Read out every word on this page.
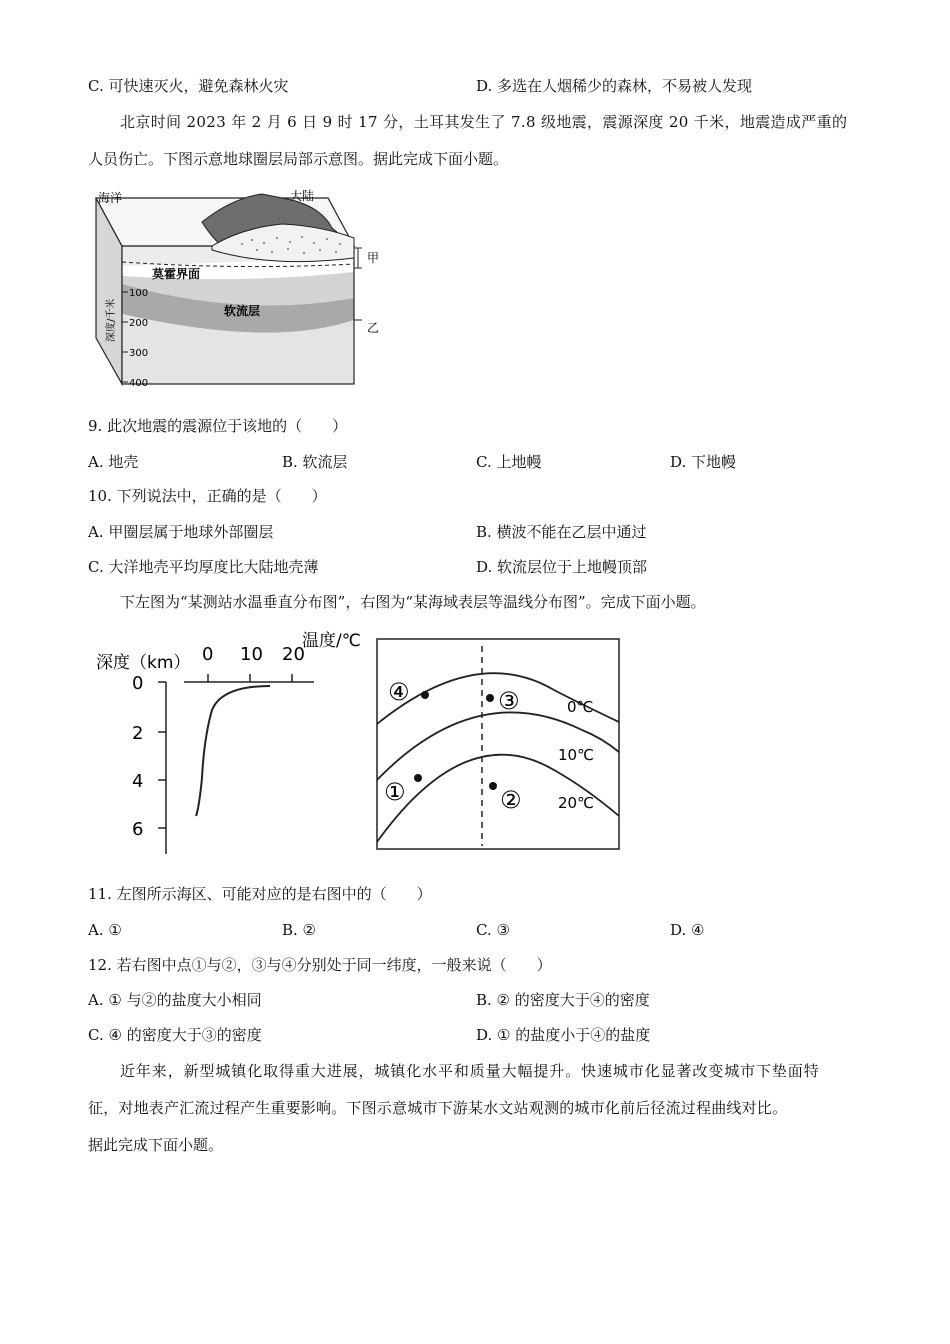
C. 可快速灭火，避免森林火灾	D. 多选在人烟稀少的森林，不易被人发现
北京时间 2023 年 2 月 6 日 9 时 17 分，土耳其发生了 7.8 级地震，震源深度 20 千米，地震造成严重的
人员伤亡。下图示意地球圈层局部示意图。据此完成下面小题。
海洋	大陆
莫霍界面
软流层
甲
乙
100
200
300
400
深度/千米
9. 此次地震的震源位于该地的（　　）
A. 地壳	B. 软流层	C. 上地幔	D. 下地幔
10. 下列说法中，正确的是（　　）
A. 甲圈层属于地球外部圈层	B. 横波不能在乙层中通过
C. 大洋地壳平均厚度比大陆地壳薄	D. 软流层位于上地幔顶部
下左图为“某测站水温垂直分布图”，右图为“某海域表层等温线分布图”。完成下面小题。
温度/℃
深度（km） 0 10 20
0
2
4
6
0℃
10℃
20℃
④	③
①	②
11. 左图所示海区、可能对应的是右图中的（　　）
A. ①	B. ②	C. ③	D. ④
12. 若右图中点①与②，③与④分别处于同一纬度，一般来说（　　）
A. ① 与②的盐度大小相同	B. ② 的密度大于④的密度
C. ④ 的密度大于③的密度	D. ① 的盐度小于④的盐度
近年来，新型城镇化取得重大进展，城镇化水平和质量大幅提升。快速城市化显著改变城市下垫面特
征，对地表产汇流过程产生重要影响。下图示意城市下游某水文站观测的城市化前后径流过程曲线对比。
据此完成下面小题。
